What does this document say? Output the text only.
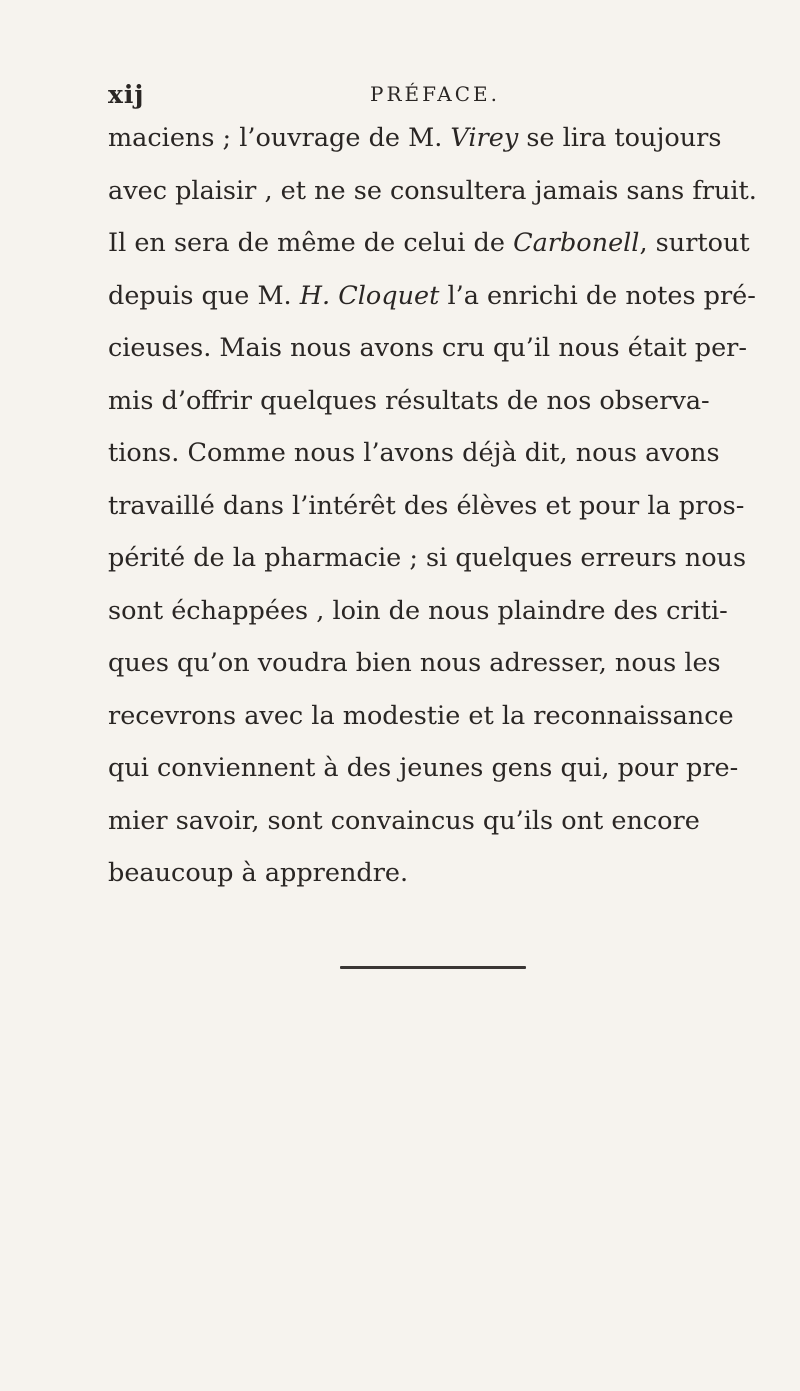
xij	PRÉFACE.
maciens ; l’ouvrage de M. Virey se lira toujours
avec plaisir , et ne se consultera jamais sans fruit.
Il en sera de même de celui de Carbonell, surtout
depuis que M. H. Cloquet l’a enrichi de notes pré-
cieuses. Mais nous avons cru qu’il nous était per-
mis d’offrir quelques résultats de nos observa-
tions. Comme nous l’avons déjà dit, nous avons
travaillé dans l’intérêt des élèves et pour la pros-
périté de la pharmacie ; si quelques erreurs nous
sont échappées , loin de nous plaindre des criti-
ques qu’on voudra bien nous adresser, nous les
recevrons avec la modestie et la reconnaissance
qui conviennent à des jeunes gens qui, pour pre-
mier savoir, sont convaincus qu’ils ont encore
beaucoup à apprendre.
